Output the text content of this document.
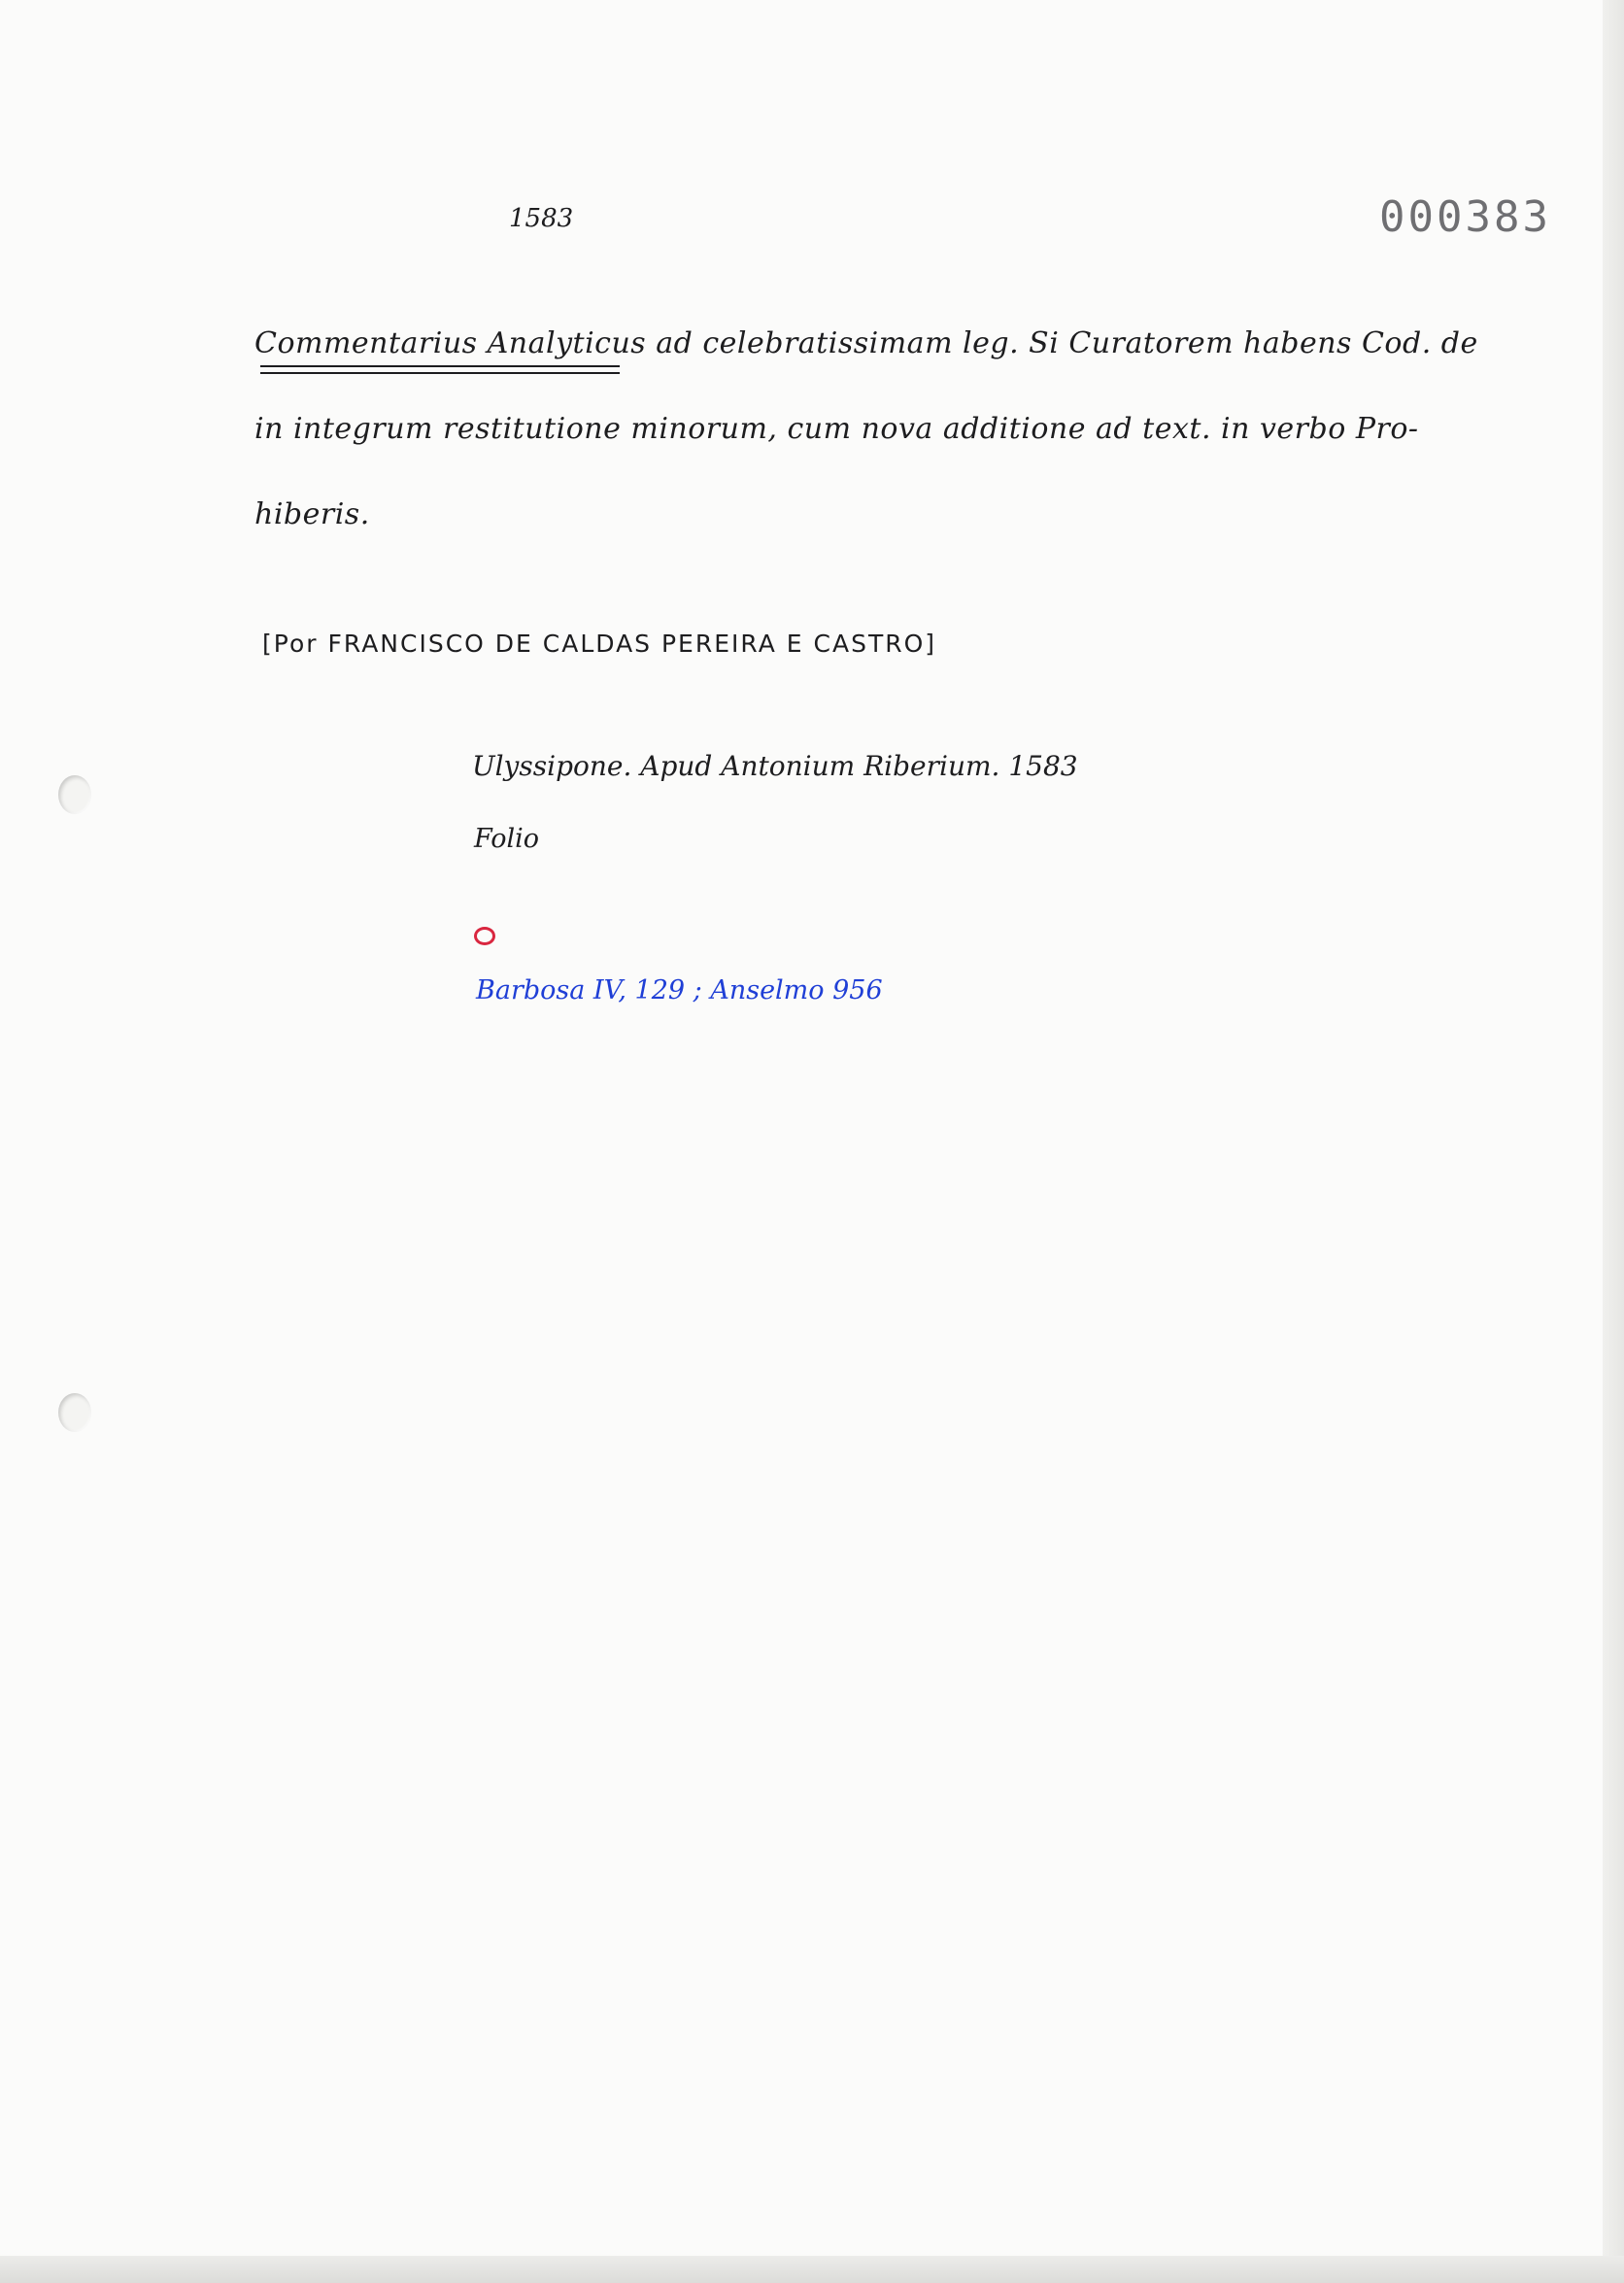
1583	000383
Commentarius Analyticus ad celebratissimam leg. Si Curatorem habens Cod. de
in integrum restitutione minorum, cum nova additione ad text. in verbo Pro-
hiberis.
[Por FRANCISCO DE CALDAS PEREIRA E CASTRO]
Ulyssipone. Apud Antonium Riberium. 1583
Folio
Barbosa IV, 129 ; Anselmo 956
